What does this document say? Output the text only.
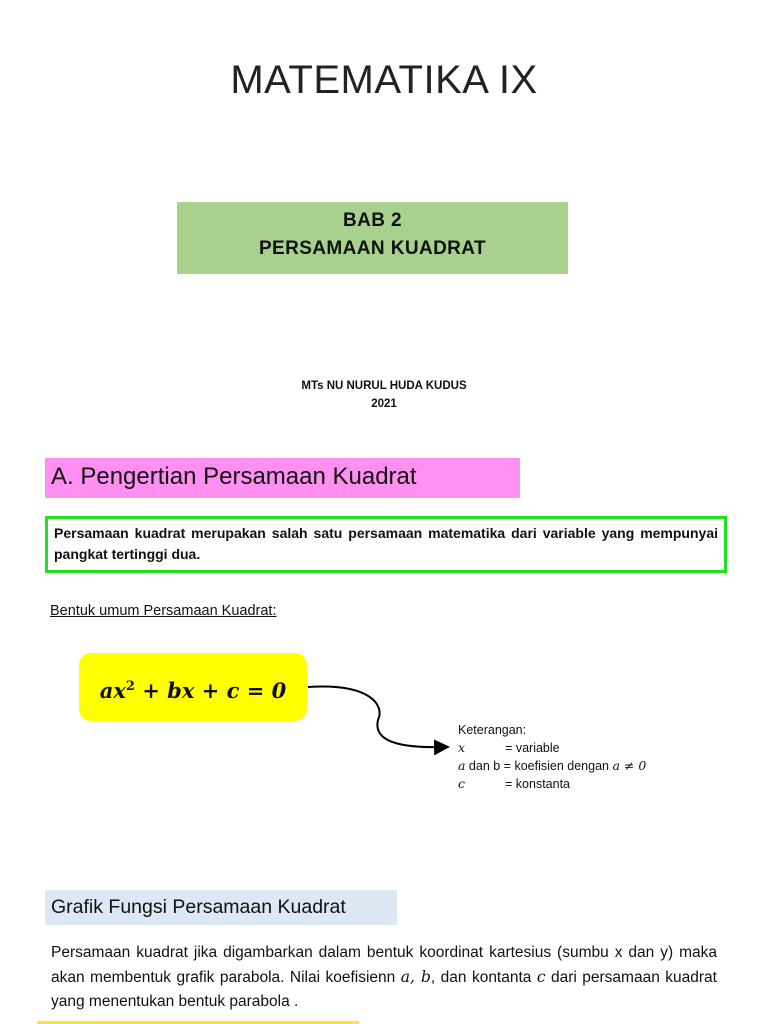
MATEMATIKA IX
BAB 2
PERSAMAAN KUADRAT
MTs NU NURUL HUDA KUDUS
2021
A. Pengertian Persamaan Kuadrat
Persamaan kuadrat merupakan salah satu persamaan matematika dari variable yang mempunyai pangkat tertinggi dua.
Bentuk umum Persamaan Kuadrat:
$ax^2$ + bx + c = 0
Keterangan:
x	= variable
a dan b = koefisien dengan a ≠ 0
c	= konstanta
Grafik Fungsi Persamaan Kuadrat
Persamaan kuadrat jika digambarkan dalam bentuk koordinat kartesius (sumbu x dan y) maka akan membentuk grafik parabola. Nilai koefisienn a, b, dan kontanta c dari persamaan kuadrat yang menentukan bentuk parabola .
